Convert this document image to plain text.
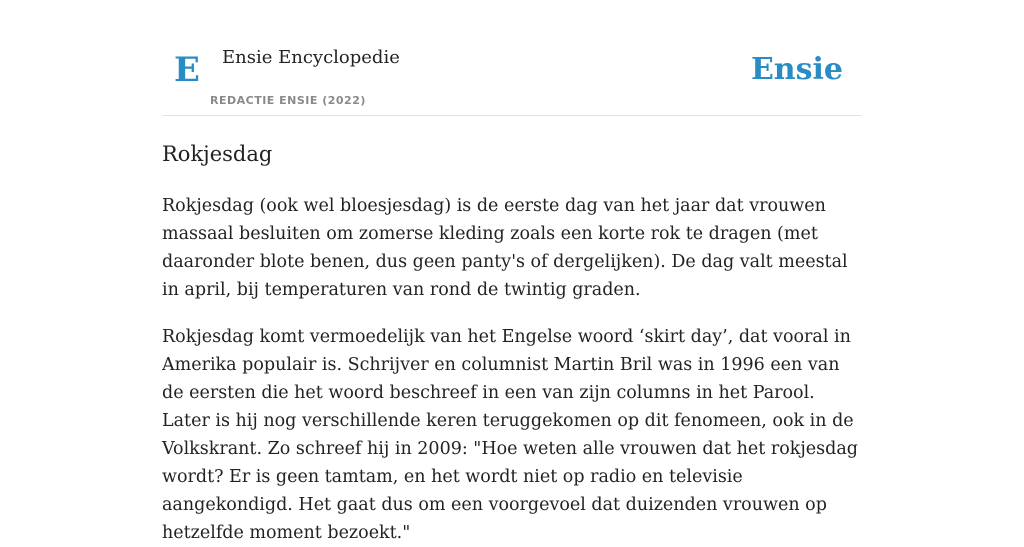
E Ensie Encyclopedie
REDACTIE ENSIE (2022)
Ensie
Rokjesdag

Rokjesdag (ook wel bloesjesdag) is de eerste dag van het jaar dat vrouwen massaal besluiten om zomerse kleding zoals een korte rok te dragen (met daaronder blote benen, dus geen panty's of dergelijken). De dag valt meestal in april, bij temperaturen van rond de twintig graden.

Rokjesdag komt vermoedelijk van het Engelse woord ‘skirt day’, dat vooral in Amerika populair is. Schrijver en columnist Martin Bril was in 1996 een van de eersten die het woord beschreef in een van zijn columns in het Parool. Later is hij nog verschillende keren teruggekomen op dit fenomeen, ook in de Volkskrant. Zo schreef hij in 2009: "Hoe weten alle vrouwen dat het rokjesdag wordt? Er is geen tamtam, en het wordt niet op radio en televisie aangekondigd. Het gaat dus om een voorgevoel dat duizenden vrouwen op hetzelfde moment bezoekt."
